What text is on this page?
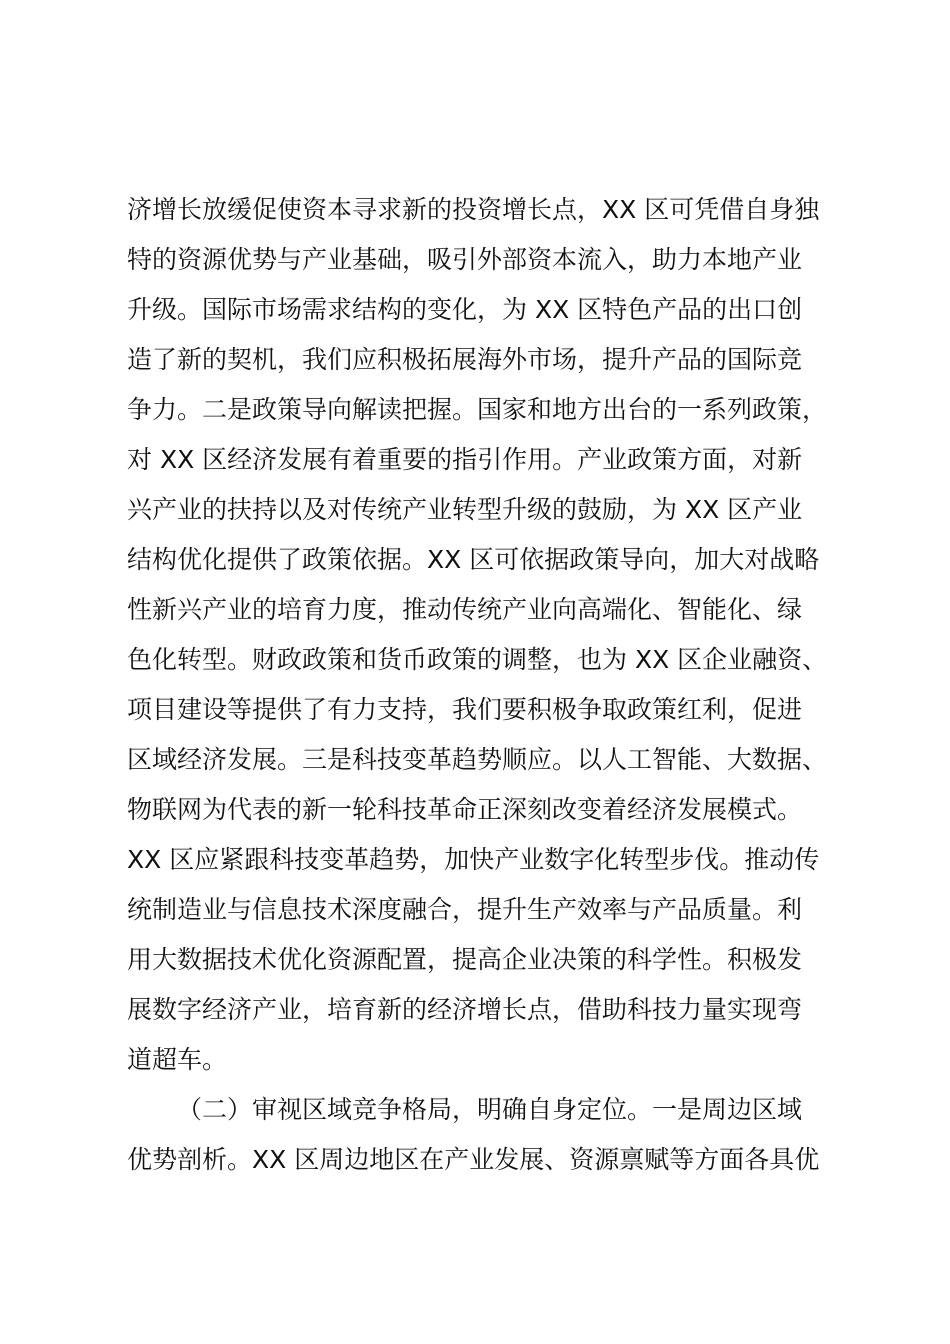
济增长放缓促使资本寻求新的投资增长点，XX 区可凭借自身独
特的资源优势与产业基础，吸引外部资本流入，助力本地产业
升级。国际市场需求结构的变化，为 XX 区特色产品的出口创
造了新的契机，我们应积极拓展海外市场，提升产品的国际竞
争力。二是政策导向解读把握。国家和地方出台的一系列政策，
对 XX 区经济发展有着重要的指引作用。产业政策方面，对新
兴产业的扶持以及对传统产业转型升级的鼓励，为 XX 区产业
结构优化提供了政策依据。XX 区可依据政策导向，加大对战略
性新兴产业的培育力度，推动传统产业向高端化、智能化、绿
色化转型。财政政策和货币政策的调整，也为 XX 区企业融资、
项目建设等提供了有力支持，我们要积极争取政策红利，促进
区域经济发展。三是科技变革趋势顺应。以人工智能、大数据、
物联网为代表的新一轮科技革命正深刻改变着经济发展模式。
XX 区应紧跟科技变革趋势，加快产业数字化转型步伐。推动传
统制造业与信息技术深度融合，提升生产效率与产品质量。利
用大数据技术优化资源配置，提高企业决策的科学性。积极发
展数字经济产业，培育新的经济增长点，借助科技力量实现弯
道超车。
（二）审视区域竞争格局，明确自身定位。一是周边区域
优势剖析。XX 区周边地区在产业发展、资源禀赋等方面各具优
